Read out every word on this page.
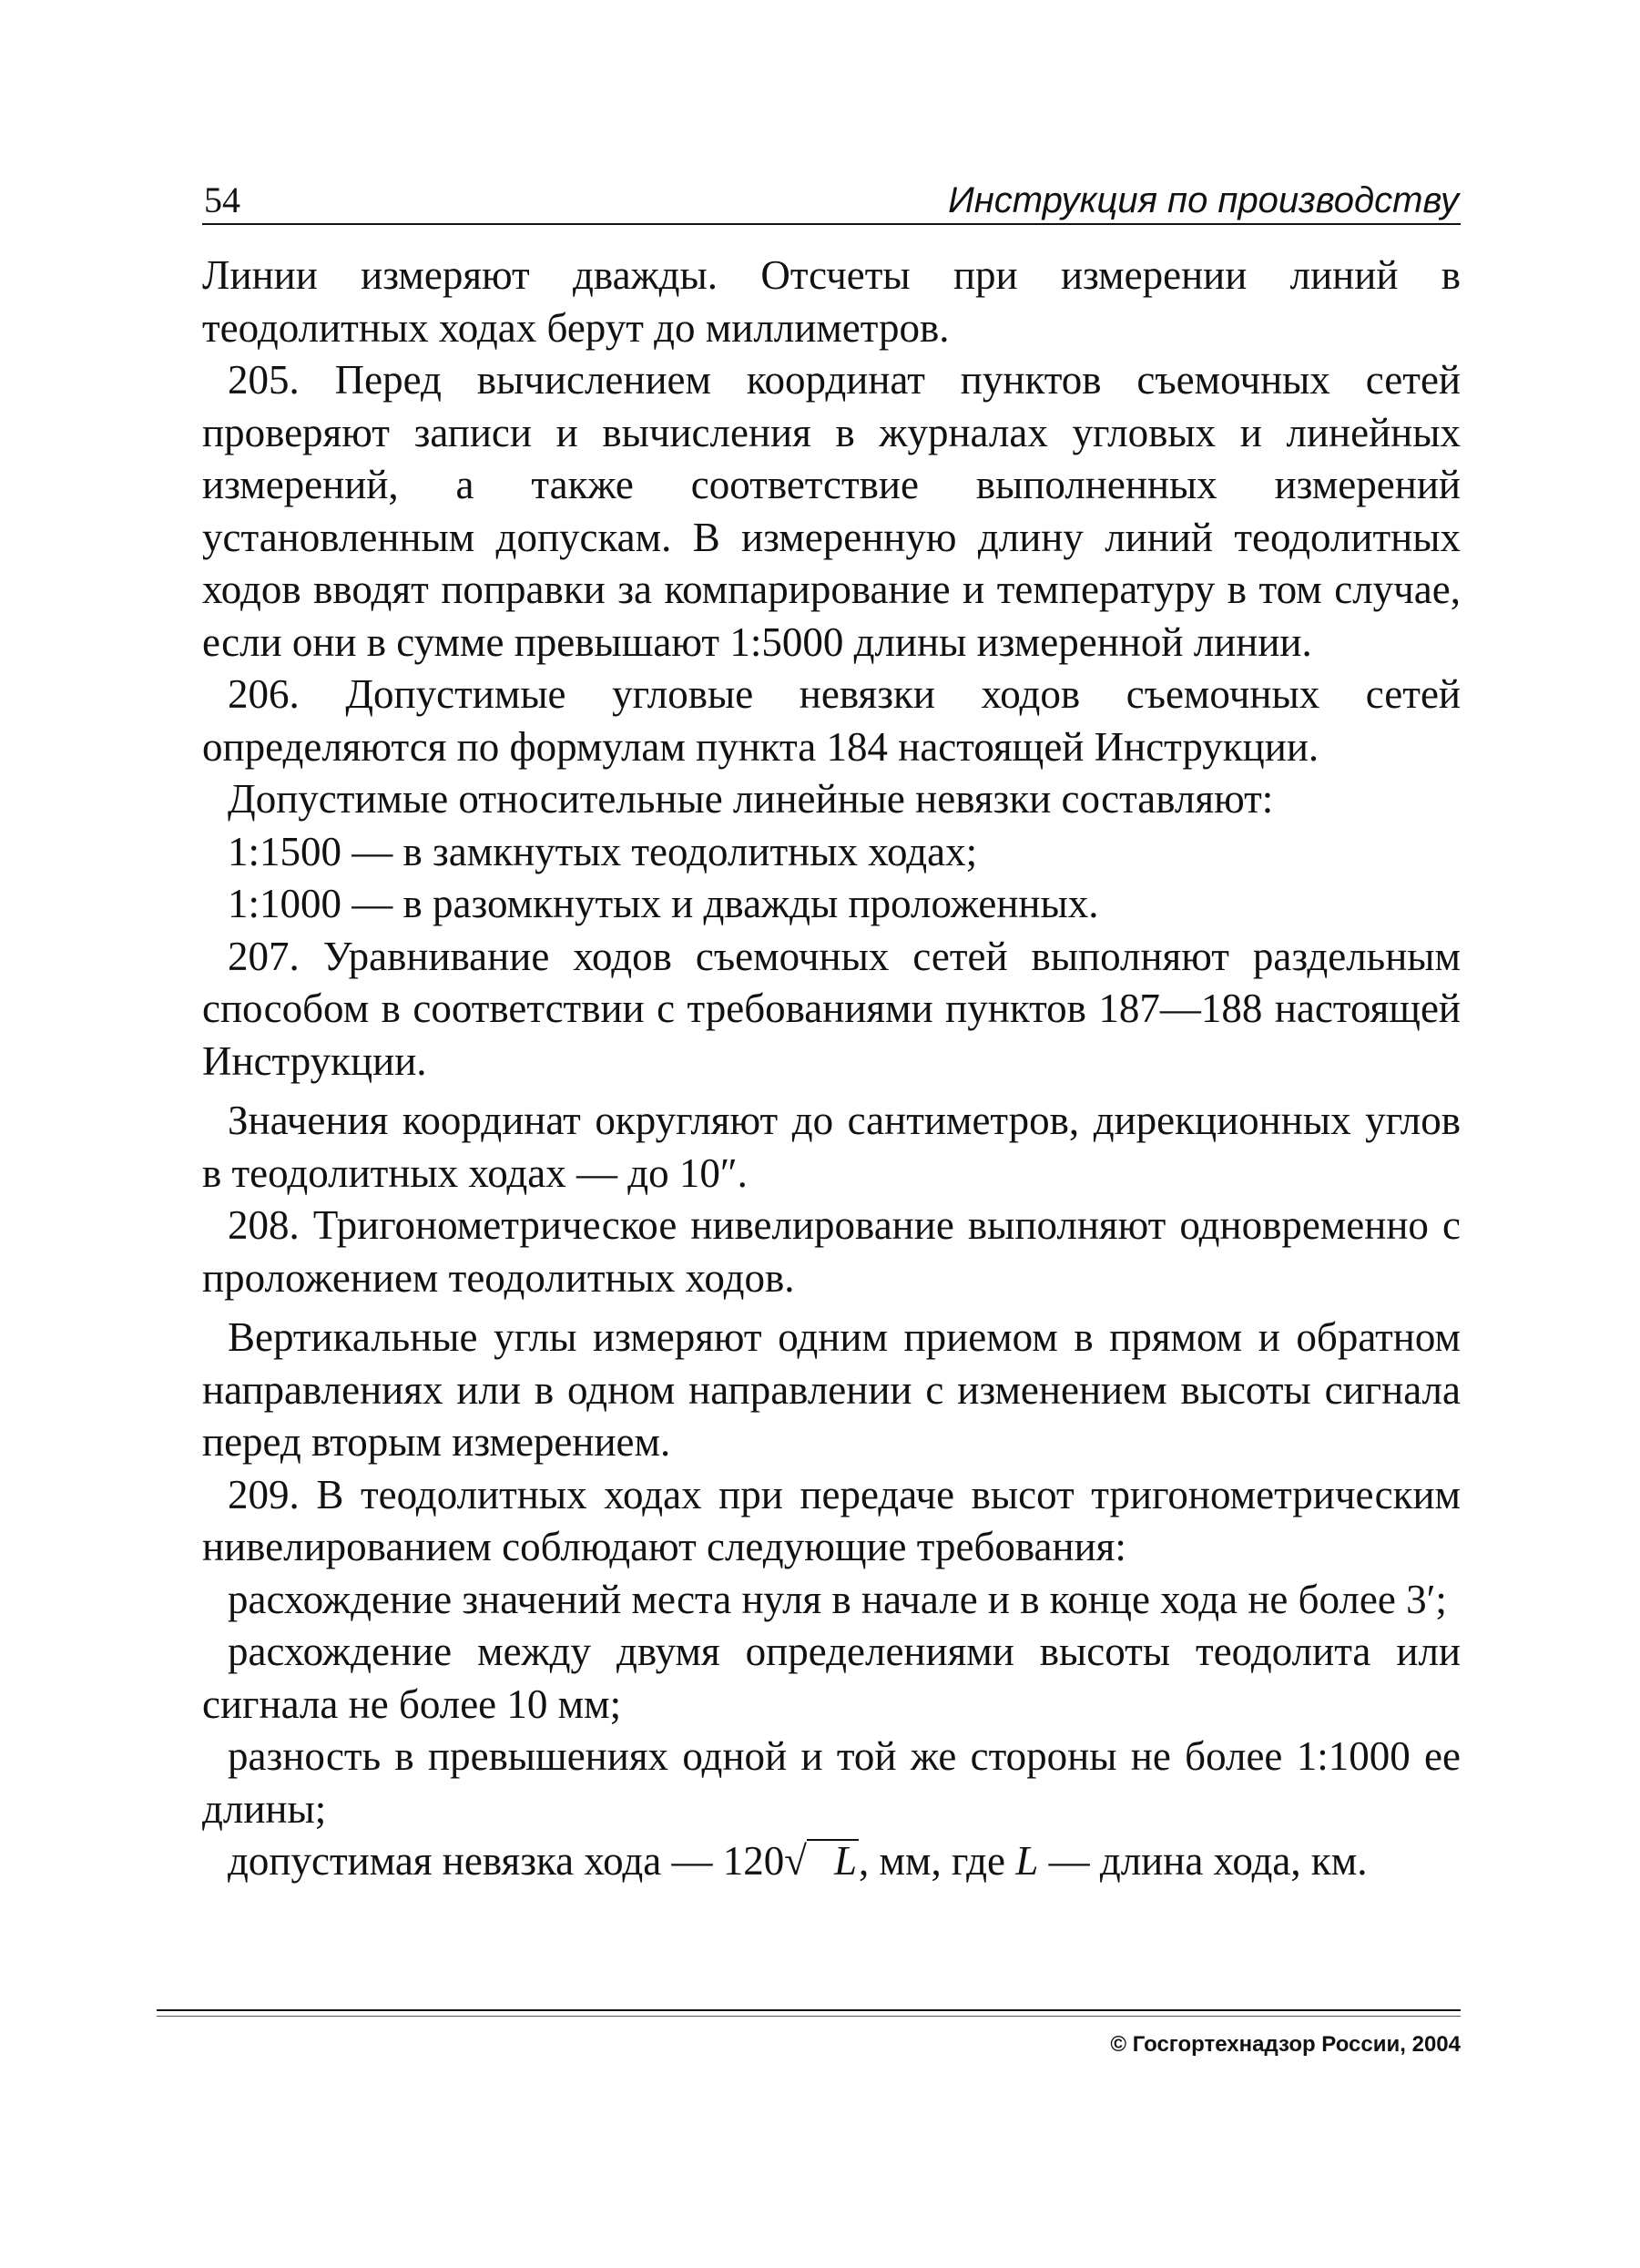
54	Инструкция по производству

Линии измеряют дважды. Отсчеты при измерении линий в теодолитных ходах берут до миллиметров.

205. Перед вычислением координат пунктов съемочных сетей проверяют записи и вычисления в журналах угловых и линейных измерений, а также соответствие выполненных измерений установленным допускам. В измеренную длину линий теодолитных ходов вводят поправки за компарирование и температуру в том случае, если они в сумме превышают 1:5000 длины измеренной линии.

206. Допустимые угловые невязки ходов съемочных сетей определяются по формулам пункта 184 настоящей Инструкции.

Допустимые относительные линейные невязки составляют:

1:1500 — в замкнутых теодолитных ходах;

1:1000 — в разомкнутых и дважды проложенных.

207. Уравнивание ходов съемочных сетей выполняют раздельным способом в соответствии с требованиями пунктов 187—188 настоящей Инструкции.

Значения координат округляют до сантиметров, дирекционных углов в теодолитных ходах — до 10″.

208. Тригонометрическое нивелирование выполняют одновременно с проложением теодолитных ходов.

Вертикальные углы измеряют одним приемом в прямом и обратном направлениях или в одном направлении с изменением высоты сигнала перед вторым измерением.

209. В теодолитных ходах при передаче высот тригонометрическим нивелированием соблюдают следующие требования:

расхождение значений места нуля в начале и в конце хода не более 3′;

расхождение между двумя определениями высоты теодолита или сигнала не более 10 мм;

разность в превышениях одной и той же стороны не более 1:1000 ее длины;

допустимая невязка хода — 120√ L, мм, где L — длина хода, км.

© Госгортехнадзор России, 2004
